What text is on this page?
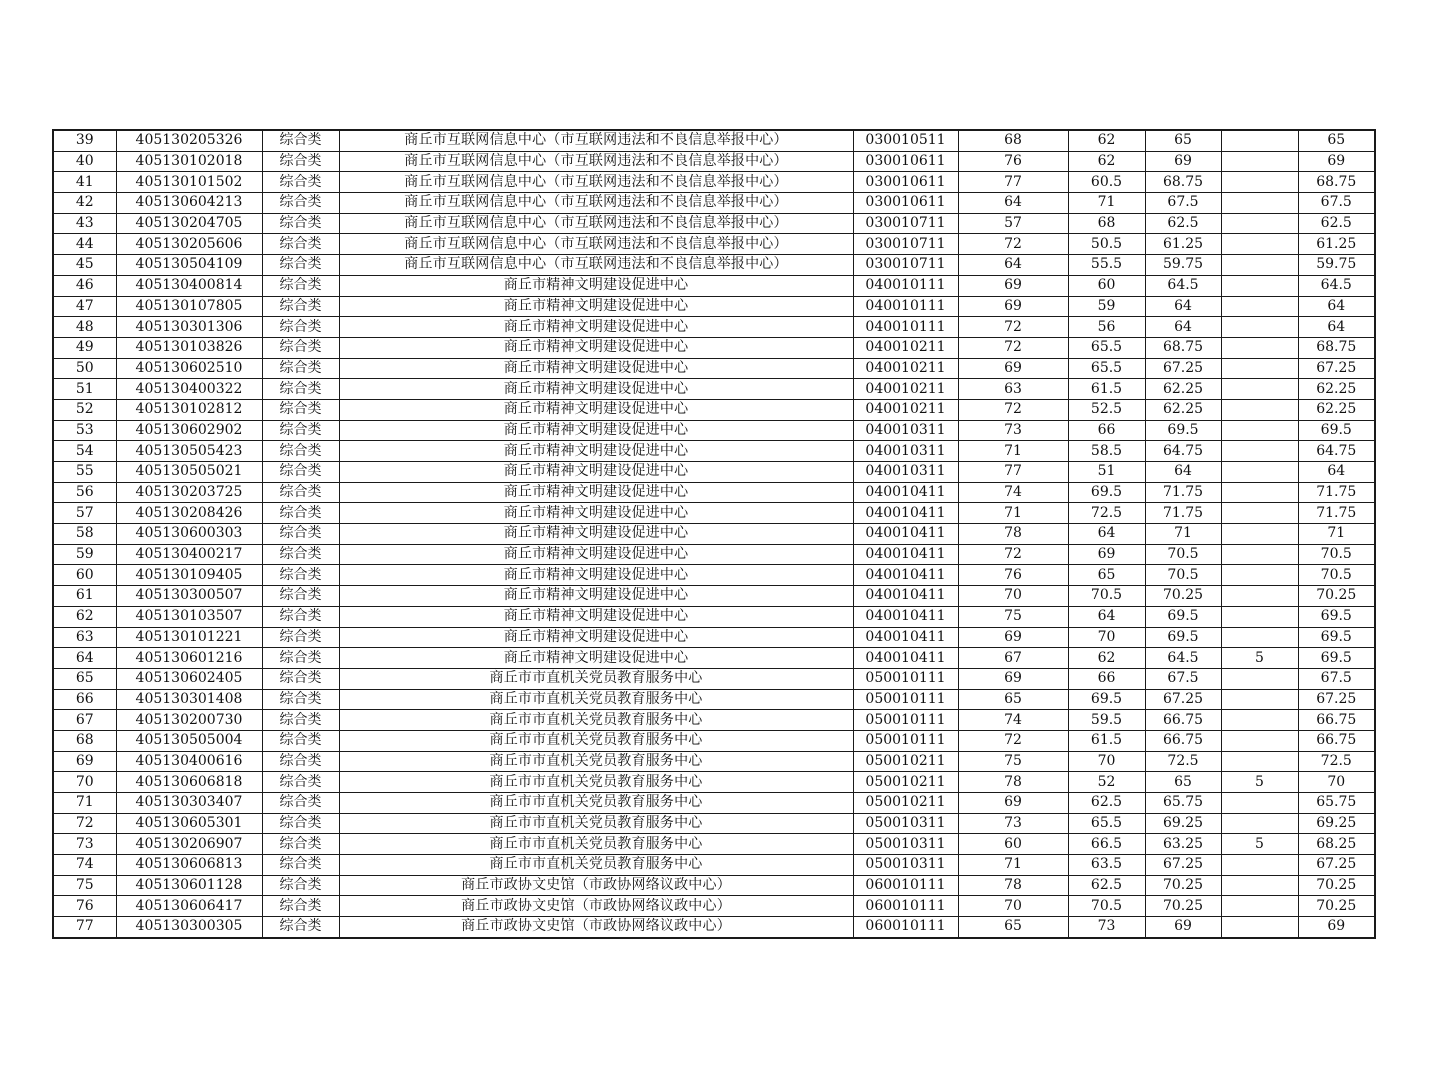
39	405130205326	综合类	商丘市互联网信息中心（市互联网违法和不良信息举报中心）	030010511	68	62	65		65
40	405130102018	综合类	商丘市互联网信息中心（市互联网违法和不良信息举报中心）	030010611	76	62	69		69
41	405130101502	综合类	商丘市互联网信息中心（市互联网违法和不良信息举报中心）	030010611	77	60.5	68.75		68.75
42	405130604213	综合类	商丘市互联网信息中心（市互联网违法和不良信息举报中心）	030010611	64	71	67.5		67.5
43	405130204705	综合类	商丘市互联网信息中心（市互联网违法和不良信息举报中心）	030010711	57	68	62.5		62.5
44	405130205606	综合类	商丘市互联网信息中心（市互联网违法和不良信息举报中心）	030010711	72	50.5	61.25		61.25
45	405130504109	综合类	商丘市互联网信息中心（市互联网违法和不良信息举报中心）	030010711	64	55.5	59.75		59.75
46	405130400814	综合类	商丘市精神文明建设促进中心	040010111	69	60	64.5		64.5
47	405130107805	综合类	商丘市精神文明建设促进中心	040010111	69	59	64		64
48	405130301306	综合类	商丘市精神文明建设促进中心	040010111	72	56	64		64
49	405130103826	综合类	商丘市精神文明建设促进中心	040010211	72	65.5	68.75		68.75
50	405130602510	综合类	商丘市精神文明建设促进中心	040010211	69	65.5	67.25		67.25
51	405130400322	综合类	商丘市精神文明建设促进中心	040010211	63	61.5	62.25		62.25
52	405130102812	综合类	商丘市精神文明建设促进中心	040010211	72	52.5	62.25		62.25
53	405130602902	综合类	商丘市精神文明建设促进中心	040010311	73	66	69.5		69.5
54	405130505423	综合类	商丘市精神文明建设促进中心	040010311	71	58.5	64.75		64.75
55	405130505021	综合类	商丘市精神文明建设促进中心	040010311	77	51	64		64
56	405130203725	综合类	商丘市精神文明建设促进中心	040010411	74	69.5	71.75		71.75
57	405130208426	综合类	商丘市精神文明建设促进中心	040010411	71	72.5	71.75		71.75
58	405130600303	综合类	商丘市精神文明建设促进中心	040010411	78	64	71		71
59	405130400217	综合类	商丘市精神文明建设促进中心	040010411	72	69	70.5		70.5
60	405130109405	综合类	商丘市精神文明建设促进中心	040010411	76	65	70.5		70.5
61	405130300507	综合类	商丘市精神文明建设促进中心	040010411	70	70.5	70.25		70.25
62	405130103507	综合类	商丘市精神文明建设促进中心	040010411	75	64	69.5		69.5
63	405130101221	综合类	商丘市精神文明建设促进中心	040010411	69	70	69.5		69.5
64	405130601216	综合类	商丘市精神文明建设促进中心	040010411	67	62	64.5	5	69.5
65	405130602405	综合类	商丘市市直机关党员教育服务中心	050010111	69	66	67.5		67.5
66	405130301408	综合类	商丘市市直机关党员教育服务中心	050010111	65	69.5	67.25		67.25
67	405130200730	综合类	商丘市市直机关党员教育服务中心	050010111	74	59.5	66.75		66.75
68	405130505004	综合类	商丘市市直机关党员教育服务中心	050010111	72	61.5	66.75		66.75
69	405130400616	综合类	商丘市市直机关党员教育服务中心	050010211	75	70	72.5		72.5
70	405130606818	综合类	商丘市市直机关党员教育服务中心	050010211	78	52	65	5	70
71	405130303407	综合类	商丘市市直机关党员教育服务中心	050010211	69	62.5	65.75		65.75
72	405130605301	综合类	商丘市市直机关党员教育服务中心	050010311	73	65.5	69.25		69.25
73	405130206907	综合类	商丘市市直机关党员教育服务中心	050010311	60	66.5	63.25	5	68.25
74	405130606813	综合类	商丘市市直机关党员教育服务中心	050010311	71	63.5	67.25		67.25
75	405130601128	综合类	商丘市政协文史馆（市政协网络议政中心）	060010111	78	62.5	70.25		70.25
76	405130606417	综合类	商丘市政协文史馆（市政协网络议政中心）	060010111	70	70.5	70.25		70.25
77	405130300305	综合类	商丘市政协文史馆（市政协网络议政中心）	060010111	65	73	69		69
